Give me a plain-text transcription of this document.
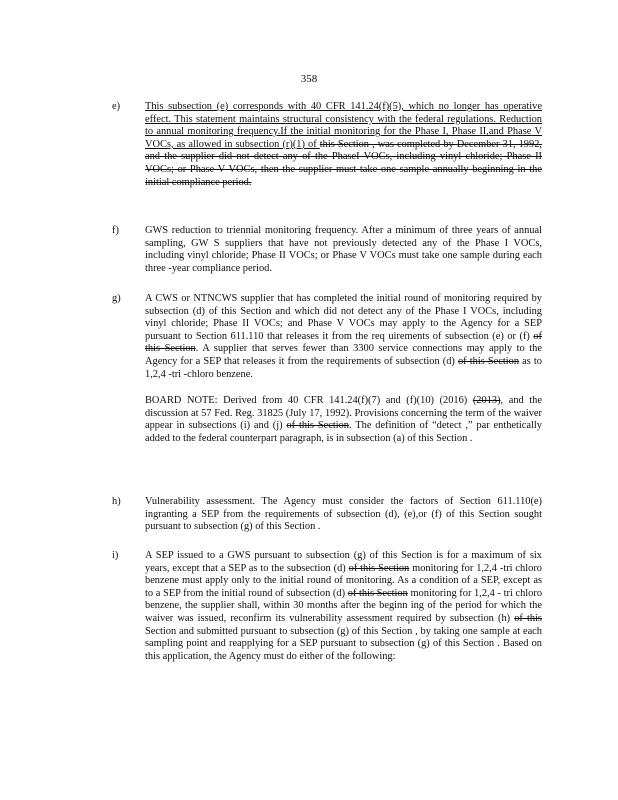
358
e)	This subsection (e) corresponds with 40 CFR 141.24(f)(5), which no longer has operative effect. This statement maintains structural consistency with the federal regulations. Reduction to annual monitoring frequency.If the initial monitoring for the Phase I, Phase II,and Phase V VOCs, as allowed in subsection (r)(1) of this Section , was completed by December 31, 1992, and the supplier did not detect any of the PhaseI VOCs, including vinyl chloride; Phase II VOCs; or Phase V VOCs, then the supplier must take one sample annually beginning in the initial compliance period.

f)	GWS reduction to triennial monitoring frequency. After a minimum of three years of annual sampling, GW S suppliers that have not previously detected any of the Phase I VOCs, including vinyl chloride; Phase II VOCs; or Phase V VOCs must take one sample during each three -year compliance period.

g)	A CWS or NTNCWS supplier that has completed the initial round of monitoring required by subsection (d) of this Section and which did not detect any of the Phase I VOCs, including vinyl chloride; Phase II VOCs; and Phase V VOCs may apply to the Agency for a SEP pursuant to Section 611.110 that releases it from the req uirements of subsection (e) or (f) of this Section. A supplier that serves fewer than 3300 service connections may apply to the Agency for a SEP that releases it from the requirements of subsection (d) of this Section as to 1,2,4 -tri -chloro benzene.

BOARD NOTE: Derived from 40 CFR 141.24(f)(7) and (f)(10) (2016) (2013), and the discussion at 57 Fed. Reg. 31825 (July 17, 1992). Provisions concerning the term of the waiver appear in subsections (i) and (j) of this Section. The definition of “detect ,” par enthetically added to the federal counterpart paragraph, is in subsection (a) of this Section .

h)	Vulnerability assessment. The Agency must consider the factors of Section 611.110(e) ingranting a SEP from the requirements of subsection (d), (e),or (f) of this Section sought pursuant to subsection (g) of this Section .

i)	A SEP issued to a GWS pursuant to subsection (g) of this Section is for a maximum of six years, except that a SEP as to the subsection (d) of this Section monitoring for 1,2,4 -tri chloro benzene must apply only to the initial round of monitoring. As a condition of a SEP, except as to a SEP from the initial round of subsection (d) of this Section monitoring for 1,2,4 - tri chloro benzene, the supplier shall, within 30 months after the beginn ing of the period for which the waiver was issued, reconfirm its vulnerability assessment required by subsection (h) of this Section and submitted pursuant to subsection (g) of this Section , by taking one sample at each sampling point and reapplying for a SEP pursuant to subsection (g) of this Section . Based on this application, the Agency must do either of the following:
